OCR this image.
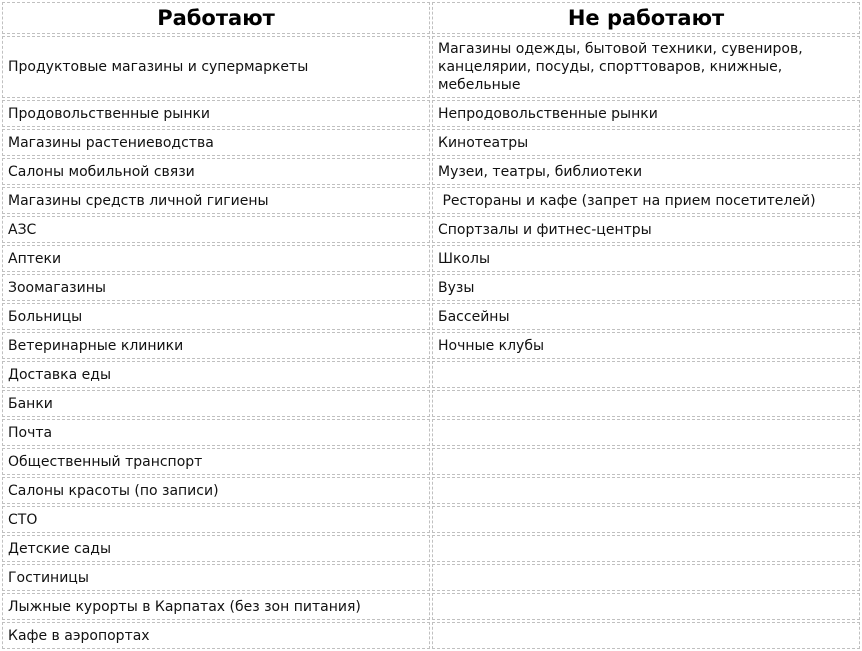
Работают	Не работают
Продуктовые магазины и супермаркеты	Магазины одежды, бытовой техники, сувениров, канцелярии, посуды, спорттоваров, книжные, мебельные
Продовольственные рынки	Непродовольственные рынки
Магазины растениеводства	Кинотеатры
Салоны мобильной связи	Музеи, театры, библиотеки
Магазины средств личной гигиены	Рестораны и кафе (запрет на прием посетителей)
АЗС	Спортзалы и фитнес-центры
Аптеки	Школы
Зоомагазины	Вузы
Больницы	Бассейны
Ветеринарные клиники	Ночные клубы
Доставка еды	
Банки	
Почта	
Общественный транспорт	
Салоны красоты (по записи)	
СТО	
Детские сады	
Гостиницы	
Лыжные курорты в Карпатах (без зон питания)	
Кафе в аэропортах	
